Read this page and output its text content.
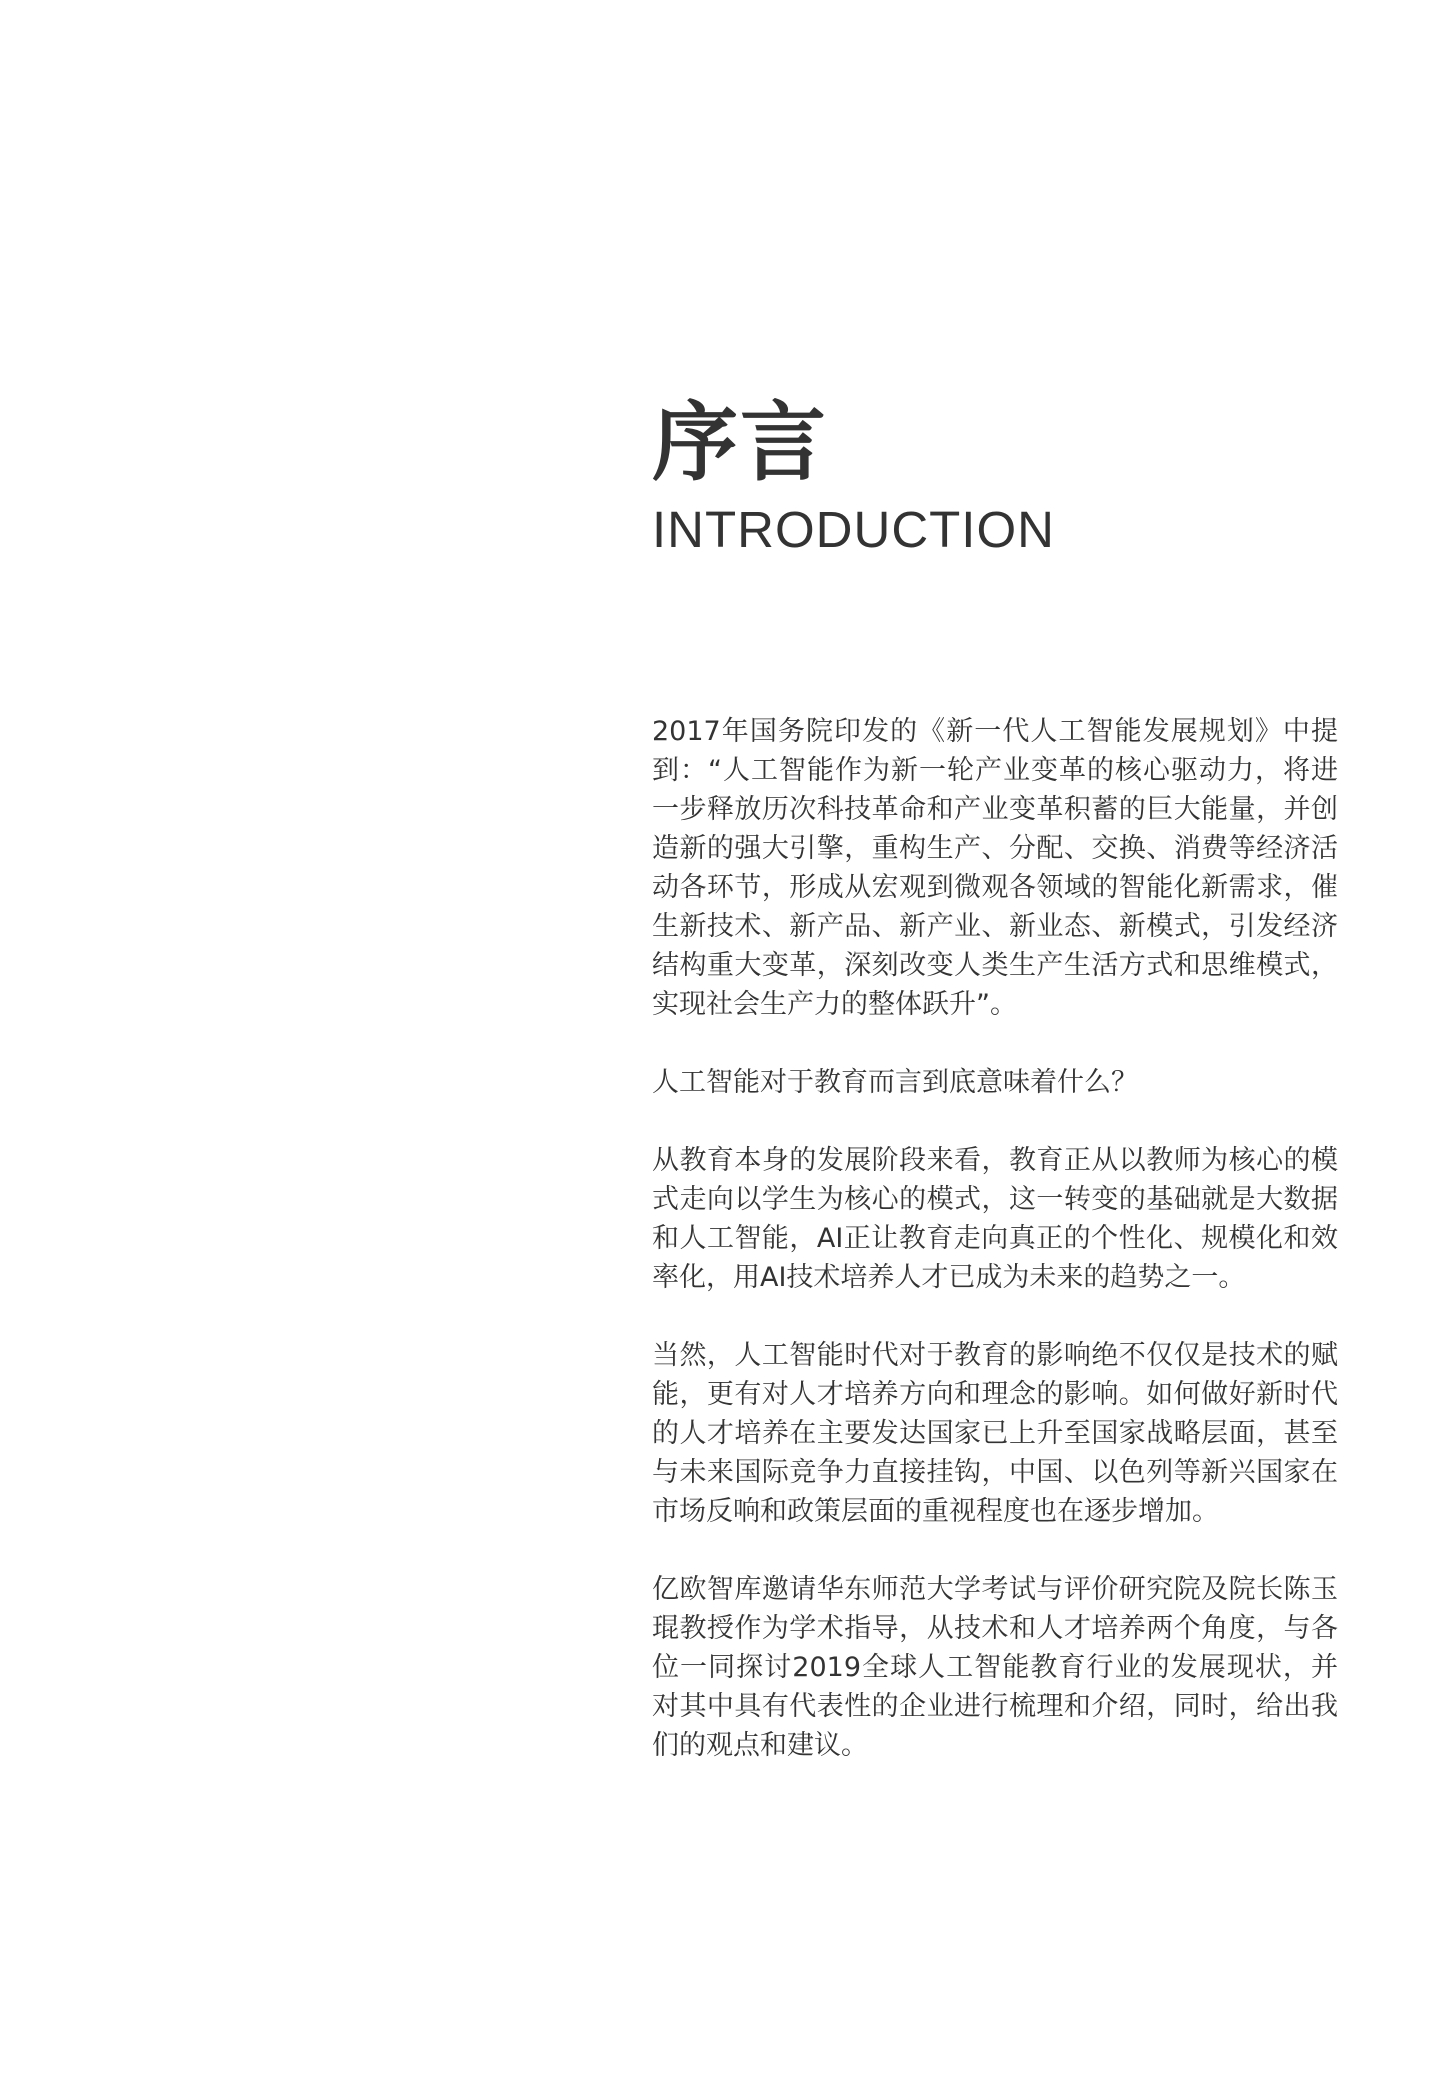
序言
INTRODUCTION

2017年国务院印发的《新一代人工智能发展规划》中提到：“人工智能作为新一轮产业变革的核心驱动力，将进一步释放历次科技革命和产业变革积蓄的巨大能量，并创造新的强大引擎，重构生产、分配、交换、消费等经济活动各环节，形成从宏观到微观各领域的智能化新需求，催生新技术、新产品、新产业、新业态、新模式，引发经济结构重大变革，深刻改变人类生产生活方式和思维模式，实现社会生产力的整体跃升”。

人工智能对于教育而言到底意味着什么？

从教育本身的发展阶段来看，教育正从以教师为核心的模式走向以学生为核心的模式，这一转变的基础就是大数据和人工智能，AI正让教育走向真正的个性化、规模化和效率化，用AI技术培养人才已成为未来的趋势之一。

当然，人工智能时代对于教育的影响绝不仅仅是技术的赋能，更有对人才培养方向和理念的影响。如何做好新时代的人才培养在主要发达国家已上升至国家战略层面，甚至与未来国际竞争力直接挂钩，中国、以色列等新兴国家在市场反响和政策层面的重视程度也在逐步增加。

亿欧智库邀请华东师范大学考试与评价研究院及院长陈玉琨教授作为学术指导，从技术和人才培养两个角度，与各位一同探讨2019全球人工智能教育行业的发展现状，并对其中具有代表性的企业进行梳理和介绍，同时，给出我们的观点和建议。
